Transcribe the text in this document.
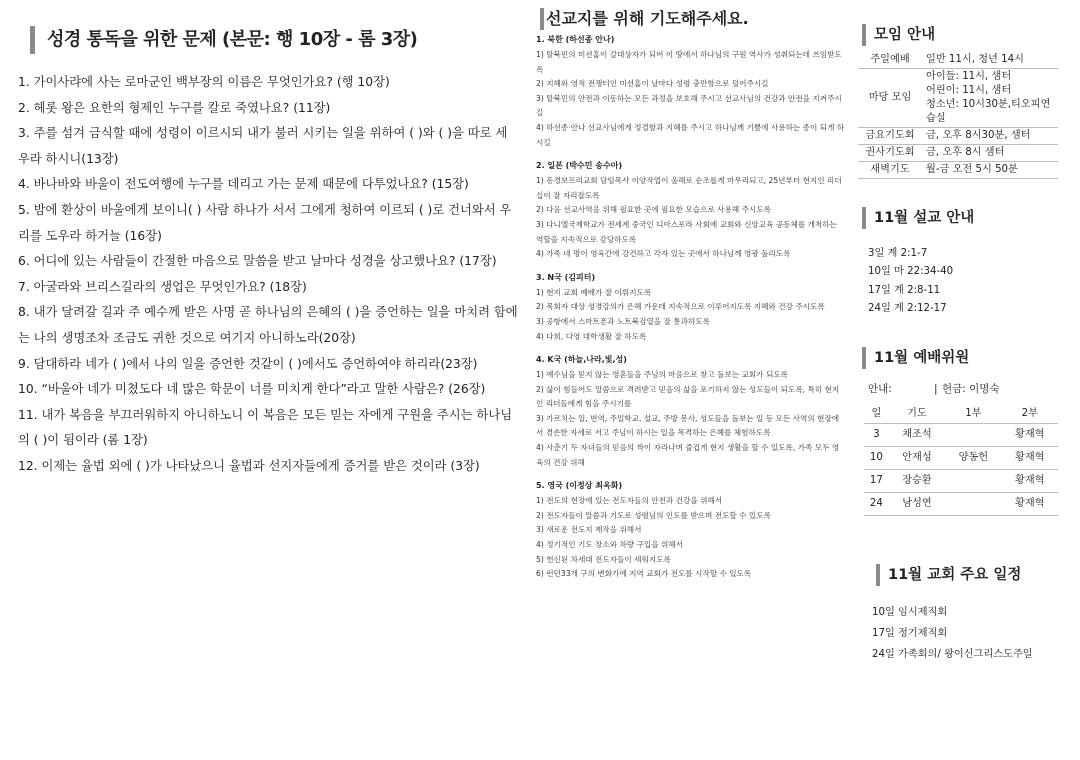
성경 통독을 위한 문제 (본문: 행 10장 - 롬 3장)
1. 가이사랴에 사는 로마군인 백부장의 이름은 무엇인가요? (행 10장)
2. 헤롯 왕은 요한의 형제인 누구를 칼로 죽였나요? (11장)
3. 주를 섬겨 금식할 때에 성령이 이르시되 내가 불러 시키는 일을 위하여 ( )와 ( )을 따로 세우라 하시니(13장)
4. 바나바와 바울이 전도여행에 누구를 데리고 가는 문제 때문에 다투었나요? (15장)
5. 밤에 환상이 바울에게 보이니( ) 사람 하나가 서서 그에게 청하여 이르되 ( )로 건너와서 우리를 도우라 하거늘 (16장)
6. 어디에 있는 사람들이 간절한 마음으로 말씀을 받고 날마다 성경을 상고했나요? (17장)
7. 아굴라와 브리스길라의 생업은 무엇인가요? (18장)
8. 내가 달려갈 길과 주 예수께 받은 사명 곧 하나님의 은혜의 ( )을 증언하는 일을 마치려 함에는 나의 생명조차 조금도 귀한 것으로 여기지 아니하노라(20장)
9. 담대하라 네가 ( )에서 나의 일을 증언한 것같이 ( )에서도 증언하여야 하리라(23장)
10. “바울아 네가 미쳤도다 네 많은 학문이 너를 미치게 한다”라고 말한 사람은? (26장)
11. 내가 복음을 부끄러워하지 아니하노니 이 복음은 모든 믿는 자에게 구원을 주시는 하나님의 ( )이 됨이라 (롬 1장)
12. 이제는 율법 외에 ( )가 나타났으니 율법과 선지자들에게 증거를 받은 것이라 (3장)
선교지를 위해 기도해주세요.
1. 북한 (하선종 안나)
1) 탈북민의 미션홈이 갈대상자가 되어 이 땅에서 하나님의 구원 역사가 성취되는데 쓰임받도록
2) 지혜와 영적 전쟁터인 미션홈이 날마다 성령 충만함으로 덮어주시길
3) 탈북민의 안전과 이동하는 모든 과정을 보호해 주시고 선교사님의 건강과 안전을 지켜주시길
4) 하선종·안나 선교사님에게 정결함과 지혜를 주시고 하나님께 기쁨에 사용하는 종이 되게 하시길
2. 일본 (박수민 송수아)
1) 동경보프리교회 담임목사 이양작업이 올해로 순조롭게 마무리되고, 25년부터 현지인 리더십이 잘 자리잡도록
2) 다음 선교사역을 위해 필요한 곳에 필요한 모습으로 사용해 주시도록
3) 다니엘국제학교가 전세계 중국인 디아스포라 사회에 교회와 신앙교육 공동체를 개척하는 역할을 지속적으로 감당하도록
4) 가족 네 명이 영육간에 강건하고 각자 있는 곳에서 하나님께 영광 돌리도록
3. N국 (김피터)
1) 현지 교회 예배가 잘 이뤄지도록
2) 목회자 대상 성경강의가 은혜 가운데 지속적으로 이루어지도록 지혜와 건강 주시도록
3) 공항에서 스마트폰과 노트북검열을 잘 통과하도록
4) 다희, 다영 대학생활 잘 하도록
4. K국 (하늘,나라,빛,성)
1) 예수님을 믿지 않는 영혼들을 주님의 마음으로 찾고 돌보는 교회가 되도록
2) 삶이 힘들어도 말씀으로 격려받고 믿음의 삶을 포기하지 않는 성도들이 되도록, 특히 현지인 리더들에게 힘을 주시기를
3) 가르치는 일, 번역, 주일학교, 설교, 주방 봉사, 성도들을 돌보는 일 등 모든 사역의 현장에서 겸손한 자세로 서고 주님이 하시는 일을 목격하는 은혜를 체험하도록
4) 사춘기 두 자녀들의 믿음의 싹이 자라나며 즐겁게 현지 생활을 할 수 있도록, 가족 모두 영육의 건강 위해
5. 영국 (이정상 최옥화)
1) 전도의 현장에 있는 전도자들의 안전과 건강을 위해서
2) 전도자들이 말씀과 기도로 성령님의 인도를 받으며 전도할 수 있도록
3) 새로운 전도지 제작을 위해서
4) 정기적인 기도 장소와 차량 구입을 위해서
5) 헌신된 차세대 전도자들이 세워지도록
6) 런던33개 구의 변화가에 지역 교회가 전도를 시작할 수 있도록
모임 안내
주일예배	일반 11시, 청년 14시

마당 모임	아이들: 11시, 샘터
어린이: 11시, 샘터
청소년: 10시30분,티오피연습실

금요기도회	금, 오후 8시30분, 샘터

권사기도회	금, 오후 8시 샘터

새벽기도	월-금 오전 5시 50분
11월 설교 안내
3일 계 2:1-7
10일 마 22:34-40
17일 계 2:8-11
24일 계 2:12-17
11월 예배위원
안내:	| 헌금: 이명숙
일	기도	1부	2부
3	채조석		황재혁
10	안재성	양동헌	황재혁
17	장승환		황재혁
24	남성연		황재혁
11월 교회 주요 일정
10일 임시제직회
17일 정기제직회
24일 가족회의/ 왕이신그리스도주일
